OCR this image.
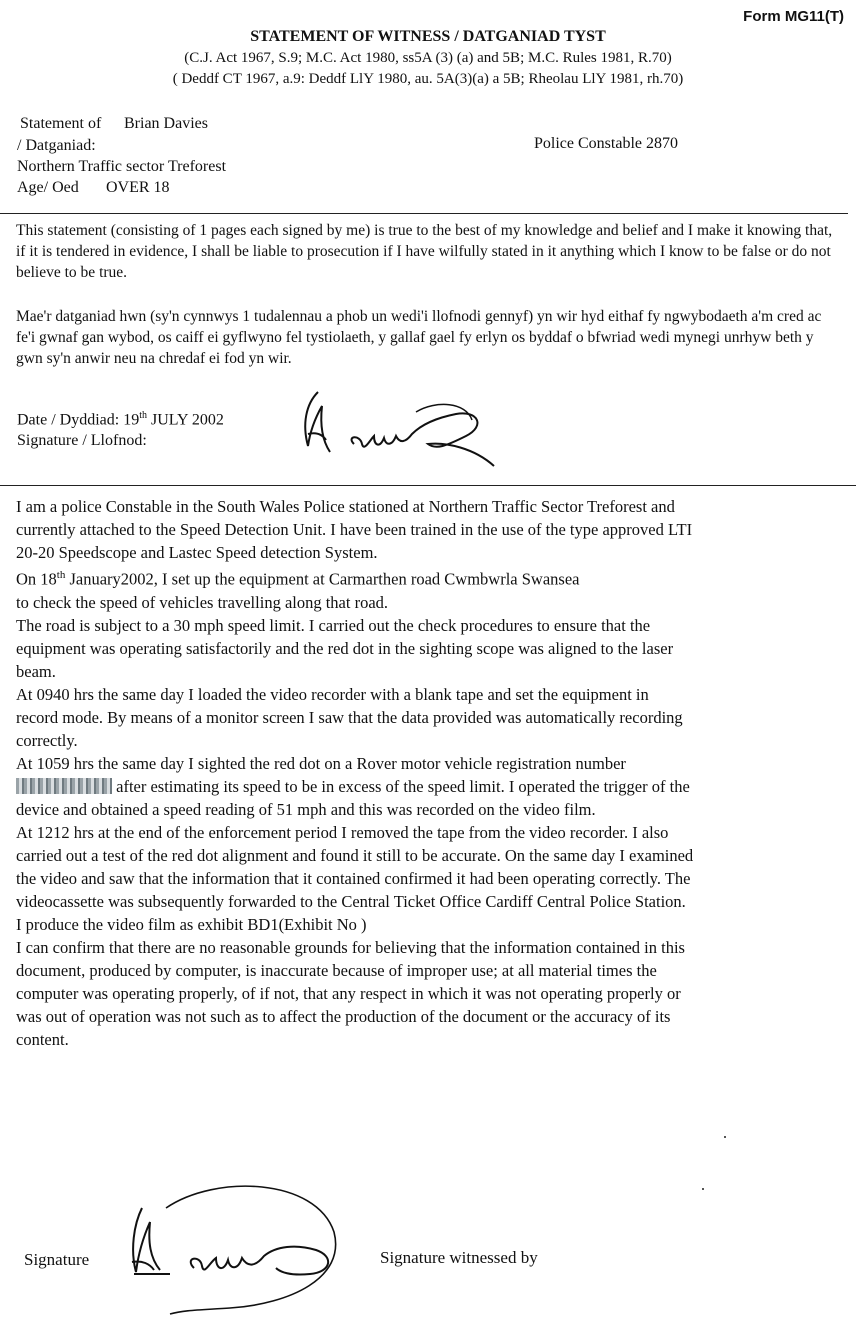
Form MG11(T)
STATEMENT OF WITNESS / DATGANIAD TYST
(C.J. Act 1967, S.9; M.C. Act 1980, ss5A (3) (a) and 5B; M.C. Rules 1981, R.70)
( Deddf CT 1967, a.9: Deddf LlY 1980, au. 5A(3)(a) a 5B; Rheolau LlY 1981, rh.70)
Statement of Brian Davies
/ Datganiad:	Police Constable 2870
Northern Traffic sector Treforest
Age/ Oed OVER 18
This statement (consisting of 1 pages each signed by me) is true to the best of my knowledge and belief and I make it knowing that, if it is tendered in evidence, I shall be liable to prosecution if I have wilfully stated in it anything which I know to be false or do not believe to be true.
Mae'r datganiad hwn (sy'n cynnwys 1 tudalennau a phob un wedi'i llofnodi gennyf) yn wir hyd eithaf fy ngwybodaeth a'm cred ac fe'i gwnaf gan wybod, os caiff ei gyflwyno fel tystiolaeth, y gallaf gael fy erlyn os byddaf o bfwriad wedi mynegi unrhyw beth y gwn sy'n anwir neu na chredaf ei fod yn wir.
Date / Dyddiad: 19th JULY 2002
Signature / Llofnod:
I am a police Constable in the South Wales Police stationed at Northern Traffic Sector Treforest and
currently attached to the Speed Detection Unit. I have been trained in the use of the type approved LTI
20-20 Speedscope and Lastec Speed detection System.
On 18th January2002, I set up the equipment at Carmarthen road Cwmbwrla Swansea
to check the speed of vehicles travelling along that road.
The road is subject to a 30 mph speed limit. I carried out the check procedures to ensure that the
equipment was operating satisfactorily and the red dot in the sighting scope was aligned to the laser
beam.
At 0940 hrs the same day I loaded the video recorder with a blank tape and set the equipment in
record mode. By means of a monitor screen I saw that the data provided was automatically recording
correctly.
At 1059 hrs the same day I sighted the red dot on a Rover motor vehicle registration number
after estimating its speed to be in excess of the speed limit. I operated the trigger of the
device and obtained a speed reading of 51 mph and this was recorded on the video film.
At 1212 hrs at the end of the enforcement period I removed the tape from the video recorder. I also
carried out a test of the red dot alignment and found it still to be accurate. On the same day I examined
the video and saw that the information that it contained confirmed it had been operating correctly. The
videocassette was subsequently forwarded to the Central Ticket Office Cardiff Central Police Station.
I produce the video film as exhibit BD1(Exhibit No )
I can confirm that there are no reasonable grounds for believing that the information contained in this
document, produced by computer, is inaccurate because of improper use; at all material times the
computer was operating properly, of if not, that any respect in which it was not operating properly or
was out of operation was not such as to affect the production of the document or the accuracy of its
content.
Signature	Signature witnessed by
